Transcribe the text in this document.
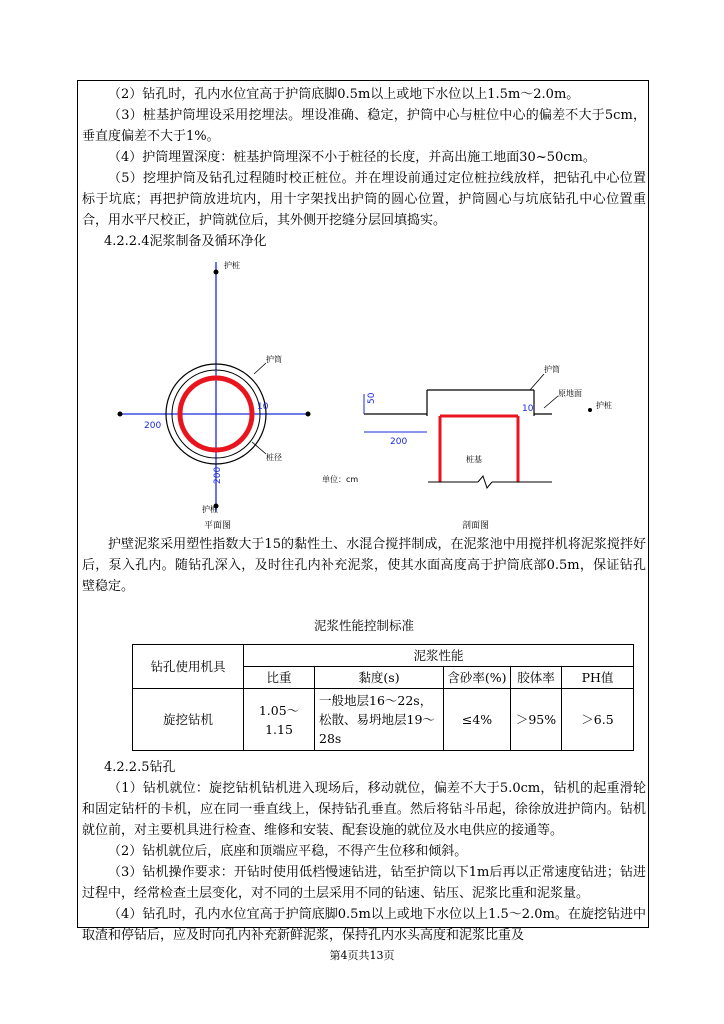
（2）钻孔时，孔内水位宜高于护筒底脚0.5m以上或地下水位以上1.5m～2.0m。

（3）桩基护筒埋设采用挖埋法。埋设准确、稳定，护筒中心与桩位中心的偏差不大于5cm，垂直度偏差不大于1%。

（4）护筒埋置深度：桩基护筒埋深不小于桩径的长度，并高出施工地面30~50cm。

（5）挖埋护筒及钻孔过程随时校正桩位。并在埋设前通过定位桩拉线放样，把钻孔中心位置标于坑底；再把护筒放进坑内，用十字架找出护筒的圆心位置，护筒圆心与坑底钻孔中心位置重合，用水平尺校正，护筒就位后，其外侧开挖缝分层回填捣实。

4.2.2.4泥浆制备及循环净化

护桩
护筒
桩径
200
200
10
护桩
平面图
单位：cm
50
200
10
护筒
原地面
护桩
桩基
剖面图

护壁泥浆采用塑性指数大于15的黏性土、水混合搅拌制成，在泥浆池中用搅拌机将泥浆搅拌好后，泵入孔内。随钻孔深入，及时往孔内补充泥浆，使其水面高度高于护筒底部0.5m，保证钻孔壁稳定。

泥浆性能控制标准
钻孔使用机具	泥浆性能				
	比重	黏度(s)	含砂率(%)	胶体率	PH值
旋挖钻机	1.05～1.15	一般地层16～22s，松散、易坍地层19～28s	≤4%	＞95%	＞6.5

4.2.2.5钻孔

（1）钻机就位：旋挖钻机钻机进入现场后，移动就位，偏差不大于5.0cm，钻机的起重滑轮和固定钻杆的卡机，应在同一垂直线上，保持钻孔垂直。然后将钻斗吊起，徐徐放进护筒内。钻机就位前，对主要机具进行检查、维修和安装、配套设施的就位及水电供应的接通等。

（2）钻机就位后，底座和顶端应平稳，不得产生位移和倾斜。

（3）钻机操作要求：开钻时使用低档慢速钻进，钻至护筒以下1m后再以正常速度钻进；钻进过程中，经常检查土层变化，对不同的土层采用不同的钻速、钻压、泥浆比重和泥浆量。

（4）钻孔时，孔内水位宜高于护筒底脚0.5m以上或地下水位以上1.5～2.0m。在旋挖钻进中取渣和停钻后，应及时向孔内补充新鲜泥浆，保持孔内水头高度和泥浆比重及

第4页共13页
